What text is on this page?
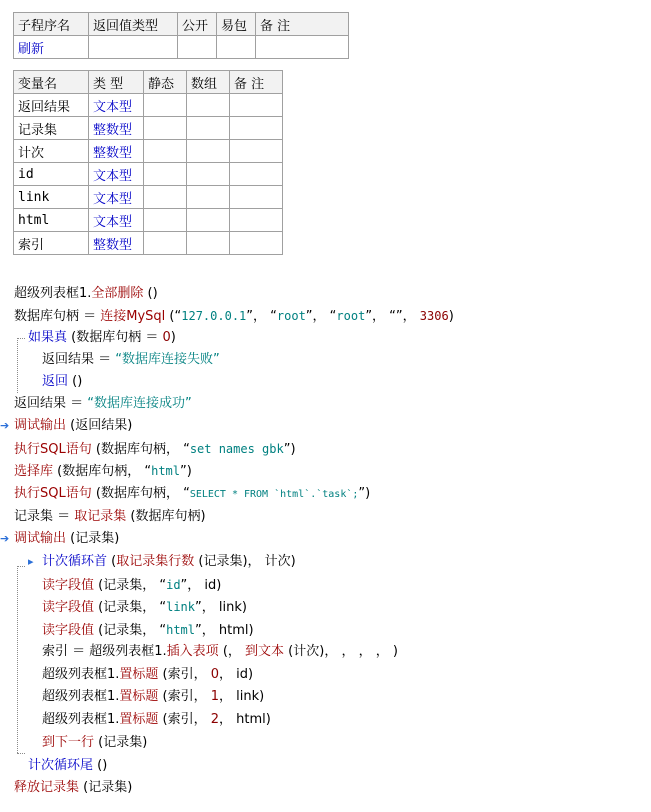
子程序名	返回值类型	公开	易包	备 注
刷新				
变量名	类 型	静态	数组	备 注
返回结果	文本型			
记录集	整数型			
计次	整数型			
id	文本型			
link	文本型			
html	文本型			
索引	整数型			
➔
➔
▸
超级列表框1.全部删除 ()
数据库句柄 ＝ 连接MySql (“127.0.0.1”， “root”， “root”， “”， 3306)
如果真 (数据库句柄 ＝ 0)
返回结果 ＝ “数据库连接失败”
返回 ()
返回结果 ＝ “数据库连接成功”
调试输出 (返回结果)
执行SQL语句 (数据库句柄， “set names gbk”)
选择库 (数据库句柄， “html”)
执行SQL语句 (数据库句柄， “SELECT * FROM `html`.`task`;”)
记录集 ＝ 取记录集 (数据库句柄)
调试输出 (记录集)
计次循环首 (取记录集行数 (记录集)， 计次)
读字段值 (记录集， “id”， id)
读字段值 (记录集， “link”， link)
读字段值 (记录集， “html”， html)
索引 ＝ 超级列表框1.插入表项 (， 到文本 (计次)， ， ， ， )
超级列表框1.置标题 (索引， 0， id)
超级列表框1.置标题 (索引， 1， link)
超级列表框1.置标题 (索引， 2， html)
到下一行 (记录集)
计次循环尾 ()
释放记录集 (记录集)
